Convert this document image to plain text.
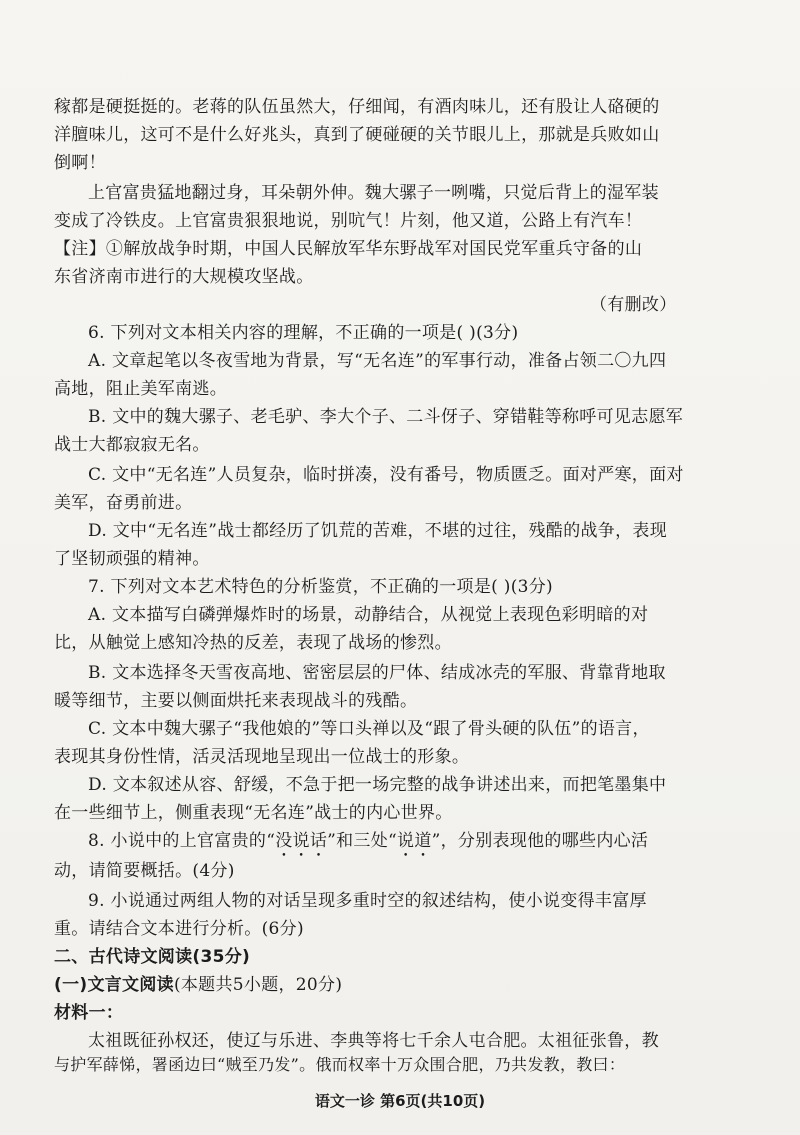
稼都是硬挺挺的。老蒋的队伍虽然大，仔细闻，有酒肉味儿，还有股让人硌硬的
洋膻味儿，这可不是什么好兆头，真到了硬碰硬的关节眼儿上，那就是兵败如山
倒啊！
上官富贵猛地翻过身，耳朵朝外伸。魏大骡子一咧嘴，只觉后背上的湿军装
变成了冷铁皮。上官富贵狠狠地说，别吭气！片刻，他又道，公路上有汽车！
【注】①解放战争时期，中国人民解放军华东野战军对国民党军重兵守备的山
东省济南市进行的大规模攻坚战。
（有删改）
6. 下列对文本相关内容的理解，不正确的一项是( )(3分)
A. 文章起笔以冬夜雪地为背景，写“无名连”的军事行动，准备占领二〇九四
高地，阻止美军南逃。
B. 文中的魏大骡子、老毛驴、李大个子、二斗伢子、穿错鞋等称呼可见志愿军
战士大都寂寂无名。
C. 文中“无名连”人员复杂，临时拼凑，没有番号，物质匮乏。面对严寒，面对
美军，奋勇前进。
D. 文中“无名连”战士都经历了饥荒的苦难，不堪的过往，残酷的战争，表现
了坚韧顽强的精神。
7. 下列对文本艺术特色的分析鉴赏，不正确的一项是( )(3分)
A. 文本描写白磷弹爆炸时的场景，动静结合，从视觉上表现色彩明暗的对
比，从触觉上感知冷热的反差，表现了战场的惨烈。
B. 文本选择冬天雪夜高地、密密层层的尸体、结成冰壳的军服、背靠背地取
暖等细节，主要以侧面烘托来表现战斗的残酷。
C. 文本中魏大骡子“我他娘的”等口头禅以及“跟了骨头硬的队伍”的语言，
表现其身份性情，活灵活现地呈现出一位战士的形象。
D. 文本叙述从容、舒缓，不急于把一场完整的战争讲述出来，而把笔墨集中
在一些细节上，侧重表现“无名连”战士的内心世界。
8. 小说中的上官富贵的“没说话”和三处“说道”，分别表现他的哪些内心活
动，请简要概括。(4分)
9. 小说通过两组人物的对话呈现多重时空的叙述结构，使小说变得丰富厚
重。请结合文本进行分析。(6分)
二、古代诗文阅读(35分)
(一)文言文阅读(本题共5小题，20分)
材料一：
太祖既征孙权还，使辽与乐进、李典等将七千余人屯合肥。太祖征张鲁，教
与护军薛悌，署函边曰“贼至乃发”。俄而权率十万众围合肥，乃共发教，教曰：
语文一诊 第6页(共10页)
